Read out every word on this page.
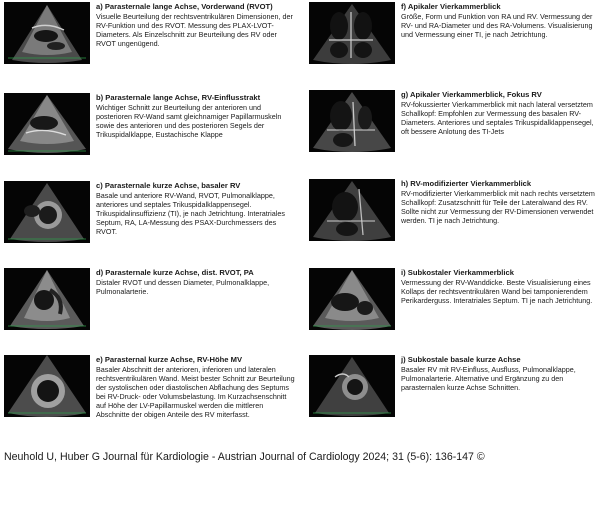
a) Parasternale lange Achse, Vorderwand (RVOT)
Visuelle Beurteilung der rechtsventrikulären Dimensionen, der RV-Funktion und des RVOT. Messung des PLAX-LVOT-Diameters. Als Einzelschnitt zur Beurteilung des RV oder RVOT ungenügend.
b) Parasternale lange Achse, RV-Einflusstrakt
Wichtiger Schnitt zur Beurteilung der anterioren und posterioren RV-Wand samt gleichnamiger Papillarmuskeln sowie des anterioren und des posterioren Segels der Trikuspidalklappe, Eustachische Klappe
c) Parasternale kurze Achse, basaler RV
Basale und anteriore RV-Wand, RVOT, Pulmonalklappe, anteriores und septales Trikuspidalklappensegel. Trikuspidalinsuffizienz (TI), je nach Jetrichtung. Interatriales Septum, RA, LA-Messung des PSAX-Durchmessers des RVOT.
d) Parasternale kurze Achse, dist. RVOT, PA
Distaler RVOT und dessen Diameter, Pulmonalklappe, Pulmonalarterie.
e) Parasternal kurze Achse, RV-Höhe MV
Basaler Abschnitt der anterioren, inferioren und lateralen rechtsventrikulären Wand. Meist bester Schnitt zur Beurteilung der systolischen oder diastolischen Abflachung des Septums bei RV-Druck- oder Volumsbelastung. Im Kurzachsenschnitt auf Höhe der LV-Papillarmuskel werden die mittleren Abschnitte der obigen Anteile des RV miterfasst.
f) Apikaler Vierkammerblick
Größe, Form und Funktion von RA und RV. Vermessung der RV- und RA-Diameter und des RA-Volumens. Visualisierung und Vermessung einer TI, je nach Jetrichtung.
g) Apikaler Vierkammerblick, Fokus RV
RV-fokussierter Vierkammerblick mit nach lateral versetztem Schallkopf: Empfohlen zur Vermessung des basalen RV-Diameters. Anteriores und septales Trikuspidalklappensegel, oft bessere Anlotung des TI-Jets
h) RV-modifizierter Vierkammerblick
RV-modifizierter Vierkammerblick mit nach rechts versetztem Schallkopf: Zusatzschnitt für Teile der Lateralwand des RV. Sollte nicht zur Vermessung der RV-Dimensionen verwendet werden. TI je nach Jetrichtung.
i) Subkostaler Vierkammerblick
Vermessung der RV-Wanddicke. Beste Visualisierung eines Kollaps der rechtsventrikulären Wand bei tamponierendem Perikarderguss. Interatriales Septum. TI je nach Jetrichtung.
j) Subkostale basale kurze Achse
Basaler RV mit RV-Einfluss, Ausfluss, Pulmonalklappe, Pulmonalarterie. Alternative und Ergänzung zu den parasternalen kurze Achse Schnitten.
Neuhold U, Huber G Journal für Kardiologie - Austrian Journal of Cardiology 2024; 31 (5-6): 136-147 ©
